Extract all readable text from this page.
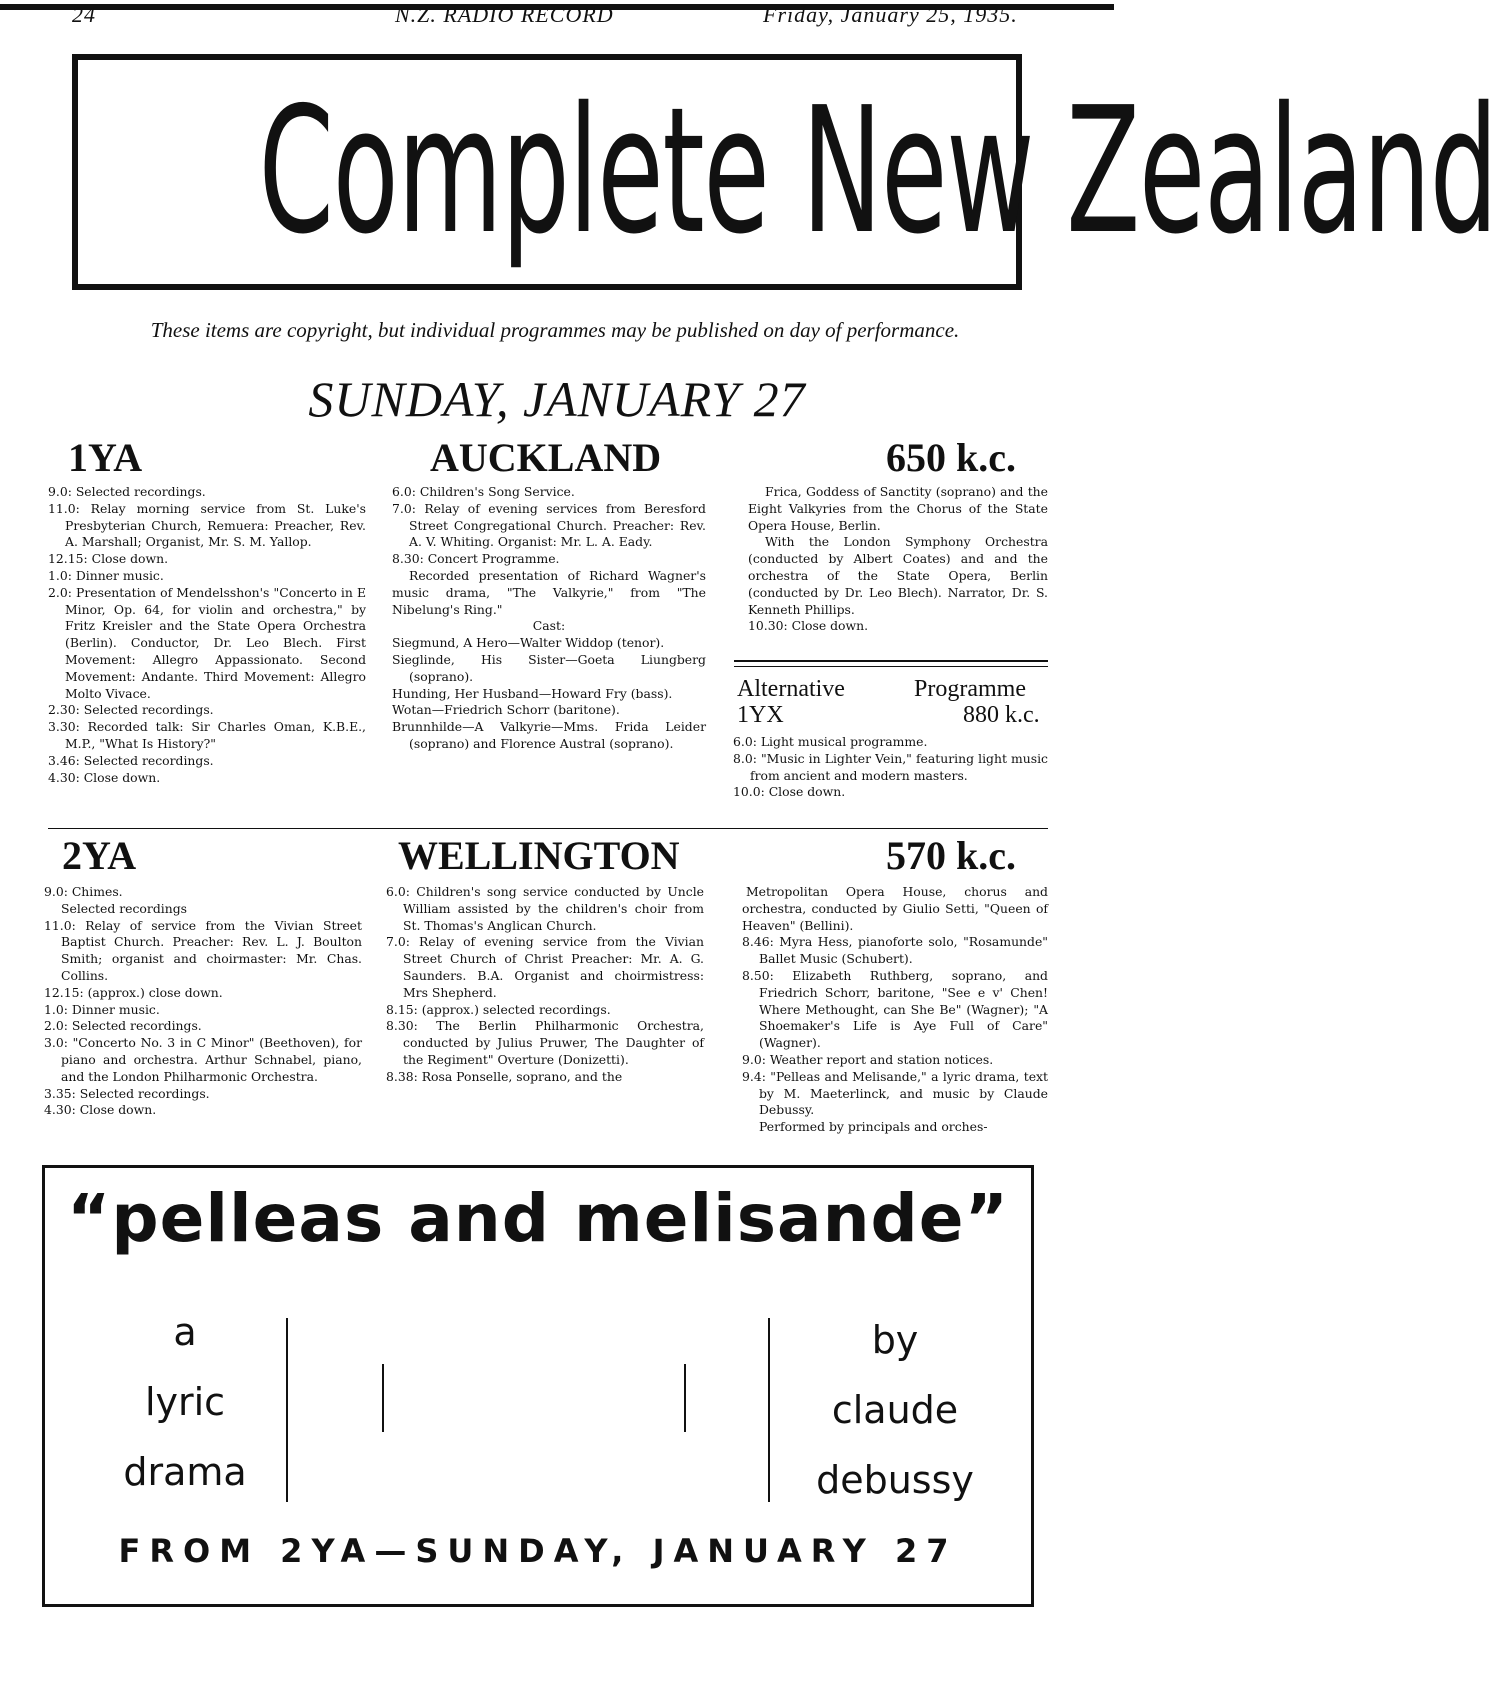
24	N.Z. RADIO RECORD	Friday, January 25, 1935.
Complete New Zealand
These items are copyright, but individual programmes may be published on day of performance.
SUNDAY, JANUARY 27
1YA	AUCKLAND	650 k.c.

9.0: Selected recordings.

11.0: Relay morning service from St. Luke's Presbyterian Church, Remuera: Preacher, Rev. A. Marshall; Organist, Mr. S. M. Yallop.

12.15: Close down.

1.0: Dinner music.

2.0: Presentation of Mendelsshon's "Concerto in E Minor, Op. 64, for violin and orchestra," by Fritz Kreisler and the State Opera Orchestra (Berlin). Conductor, Dr. Leo Blech. First Movement: Allegro Appassionato. Second Movement: Andante. Third Movement: Allegro Molto Vivace.

2.30: Selected recordings.

3.30: Recorded talk: Sir Charles Oman, K.B.E., M.P., "What Is History?"

3.46: Selected recordings.

4.30: Close down.

6.0: Children's Song Service.

7.0: Relay of evening services from Beresford Street Congregational Church. Preacher: Rev. A. V. Whiting. Organist: Mr. L. A. Eady.

8.30: Concert Programme.

Recorded presentation of Richard Wagner's music drama, "The Valkyrie," from "The Nibelung's Ring."

Cast:

Siegmund, A Hero—Walter Widdop (tenor).

Sieglinde, His Sister—Goeta Liungberg (soprano).

Hunding, Her Husband—Howard Fry (bass).

Wotan—Friedrich Schorr (baritone).

Brunnhilde—A Valkyrie—Mms. Frida Leider (soprano) and Florence Austral (soprano).

Frica, Goddess of Sanctity (soprano) and the Eight Valkyries from the Chorus of the State Opera House, Berlin.

With the London Symphony Orchestra (conducted by Albert Coates) and and the orchestra of the State Opera, Berlin (conducted by Dr. Leo Blech). Narrator, Dr. S. Kenneth Phillips.

10.30: Close down.

Alternative	Programme
1YX	880 k.c.

6.0: Light musical programme.

8.0: "Music in Lighter Vein," featuring light music from ancient and modern masters.

10.0: Close down.

2YA	WELLINGTON	570 k.c.

9.0: Chimes.

Selected recordings

11.0: Relay of service from the Vivian Street Baptist Church. Preacher: Rev. L. J. Boulton Smith; organist and choirmaster: Mr. Chas. Collins.

12.15: (approx.) close down.

1.0: Dinner music.

2.0: Selected recordings.

3.0: "Concerto No. 3 in C Minor" (Beethoven), for piano and orchestra. Arthur Schnabel, piano, and the London Philharmonic Orchestra.

3.35: Selected recordings.

4.30: Close down.

6.0: Children's song service conducted by Uncle William assisted by the children's choir from St. Thomas's Anglican Church.

7.0: Relay of evening service from the Vivian Street Church of Christ Preacher: Mr. A. G. Saunders. B.A. Organist and choirmistress: Mrs Shepherd.

8.15: (approx.) selected recordings.

8.30: The Berlin Philharmonic Orchestra, conducted by Julius Pruwer, The Daughter of the Regiment" Overture (Donizetti).

8.38: Rosa Ponselle, soprano, and the

Metropolitan Opera House, chorus and orchestra, conducted by Giulio Setti, "Queen of Heaven" (Bellini).

8.46: Myra Hess, pianoforte solo, "Rosamunde" Ballet Music (Schubert).

8.50: Elizabeth Ruthberg, soprano, and Friedrich Schorr, baritone, "See e v' Chen! Where Methought, can She Be" (Wagner); "A Shoemaker's Life is Aye Full of Care" (Wagner).

9.0: Weather report and station notices.

9.4: "Pelleas and Melisande," a lyric drama, text by M. Maeterlinck, and music by Claude Debussy.

Performed by principals and orches-

“pelleas and melisande”
a
lyric
drama
by
claude
debussy
FROM 2YA—SUNDAY, JANUARY 27
